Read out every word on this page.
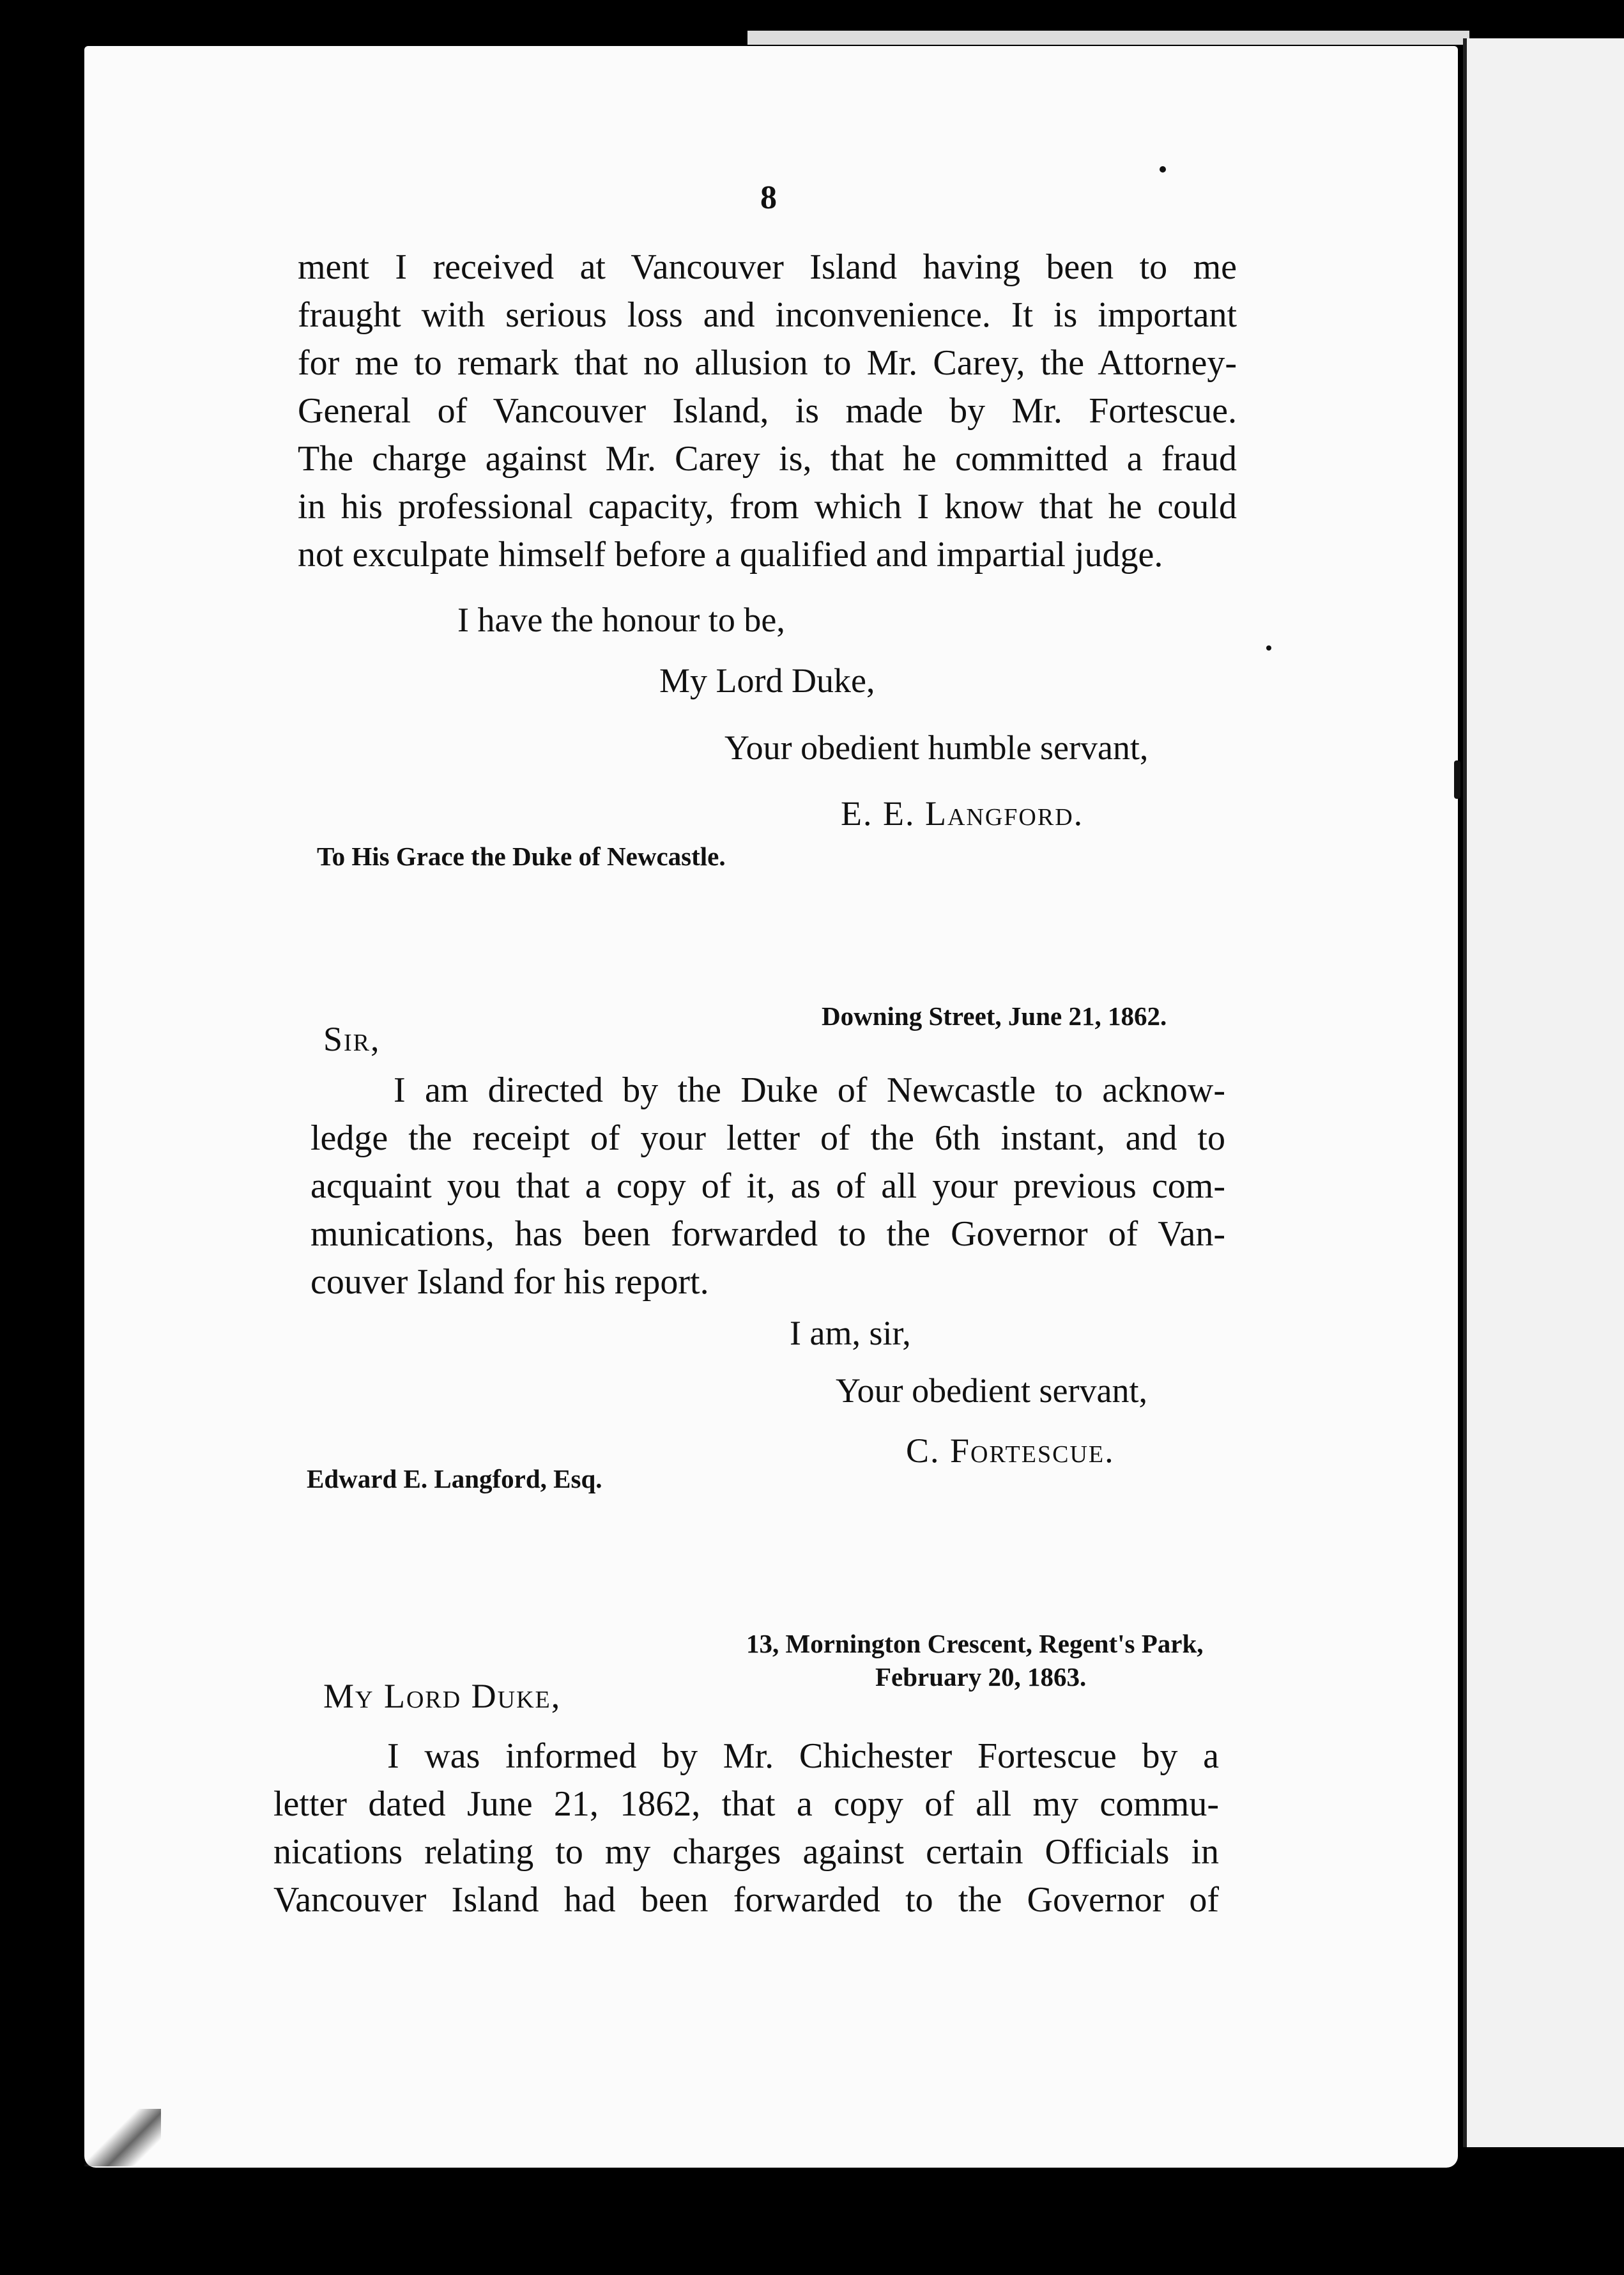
8
ment I received at Vancouver Island having been to me
fraught with serious loss and inconvenience. It is important
for me to remark that no allusion to Mr. Carey, the Attorney-
General of Vancouver Island, is made by Mr. Fortescue.
The charge against Mr. Carey is, that he committed a fraud
in his professional capacity, from which I know that he could
not exculpate himself before a qualified and impartial judge.
I have the honour to be,
My Lord Duke,
Your obedient humble servant,
E. E. Langford.
To His Grace the Duke of Newcastle.
Downing Street, June 21, 1862.
Sir,
I am directed by the Duke of Newcastle to acknow-
ledge the receipt of your letter of the 6th instant, and to
acquaint you that a copy of it, as of all your previous com-
munications, has been forwarded to the Governor of Van-
couver Island for his report.
I am, sir,
Your obedient servant,
C. Fortescue.
Edward E. Langford, Esq.
13, Mornington Crescent, Regent's Park,
February 20, 1863.
My Lord Duke,
I was informed by Mr. Chichester Fortescue by a
letter dated June 21, 1862, that a copy of all my commu-
nications relating to my charges against certain Officials in
Vancouver Island had been forwarded to the Governor of
